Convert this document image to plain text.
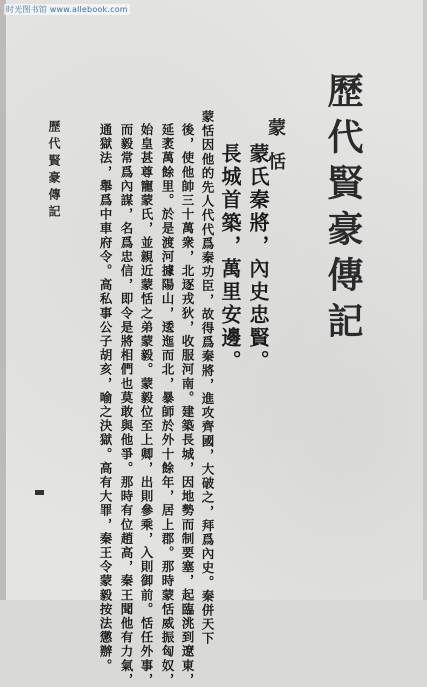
时光图书馆 www.allebook.com
歷代賢豪傳記
蒙恬
蒙氏秦將，內史忠賢。
長城首築，萬里安邊。
蒙恬因他的先人代代爲秦功臣，故得爲秦將，進攻齊國，大破之，拜爲內史。秦併天下
後，使他帥三十萬衆，北逐戎狄，收服河南。建築長城，因地勢而制要塞，起臨洮到遼東，
延袤萬餘里。於是渡河據陽山，逶迤而北，暴師於外十餘年，居上郡。那時蒙恬威振匈奴，
始皇甚尊寵蒙氏，並親近蒙恬之弟蒙毅。蒙毅位至上卿，出則參乘，入則御前。恬任外事，
而毅常爲內謀，名爲忠信，即令是將相們也莫敢與他爭。那時有位趙高，秦王聞他有力氣，
通獄法，舉爲中車府令。高私事公子胡亥，喻之決獄。高有大罪，秦王令蒙毅按法懲辦。
歷代賢豪傳記
